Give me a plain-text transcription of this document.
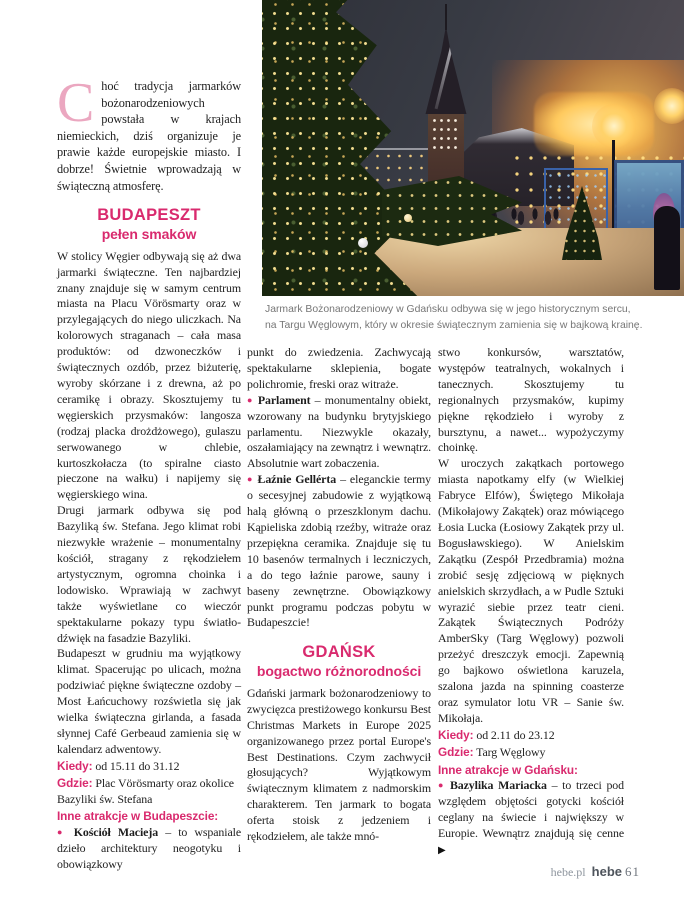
Jarmark Bożonarodzeniowy w Gdańsku odbywa się w jego historycznym sercu,
na Targu Węglowym, który w okresie świątecznym zamienia się w bajkową krainę.

Choć tradycja jarmarków bożonarodzeniowych powstała w krajach niemieckich, dziś organizuje je prawie każde europejskie miasto. I dobrze! Świetnie wprowadzają w świąteczną atmosferę.

BUDAPESZT
pełen smaków

W stolicy Węgier odbywają się aż dwa jarmarki świąteczne. Ten najbardziej znany znajduje się w samym centrum miasta na Placu Vörösmarty oraz w przylegających do niego uliczkach. Na kolorowych straganach – cała masa produktów: od dzwoneczków i świątecznych ozdób, przez biżuterię, wyroby skórzane i z drewna, aż po ceramikę i obrazy. Skosztujemy tu węgierskich przysmaków: langosza (rodzaj placka drożdżowego), gulaszu serwowanego w chlebie, kurtoszkołacza (to spiralne ciasto pieczone na wałku) i napijemy się węgierskiego wina.

Drugi jarmark odbywa się pod Bazyliką św. Stefana. Jego klimat robi niezwykłe wrażenie – monumentalny kościół, stragany z rękodziełem artystycznym, ogromna choinka i lodowisko. Wprawiają w zachwyt także wyświetlane co wieczór spektakularne pokazy typu światło-dźwięk na fasadzie Bazyliki.

Budapeszt w grudniu ma wyjątkowy klimat. Spacerując po ulicach, można podziwiać piękne świąteczne ozdoby – Most Łańcuchowy rozświetla się jak wielka świąteczna girlanda, a fasada słynnej Café Gerbeaud zamienia się w kalendarz adwentowy.

Kiedy: od 15.11 do 31.12

Gdzie: Plac Vörösmarty oraz okolice Bazyliki św. Stefana

Inne atrakcje w Budapeszcie:

● Kościół Macieja – to wspaniale dzieło architektury neogotyku i obowiązkowy

punkt do zwiedzenia. Zachwycają spektakularne sklepienia, bogate polichromie, freski oraz witraże.

● Parlament – monumentalny obiekt, wzorowany na budynku brytyjskiego parlamentu. Niezwykle okazały, oszałamiający na zewnątrz i wewnątrz. Absolutnie wart zobaczenia.

● Łaźnie Gellérta – eleganckie termy o secesyjnej zabudowie z wyjątkową halą główną o przeszklonym dachu. Kąpieliska zdobią rzeźby, witraże oraz przepiękna ceramika. Znajduje się tu 10 basenów termalnych i leczniczych, a do tego łaźnie parowe, sauny i baseny zewnętrzne. Obowiązkowy punkt programu podczas pobytu w Budapeszcie!

GDAŃSK
bogactwo różnorodności

Gdański jarmark bożonarodzeniowy to zwycięzca prestiżowego konkursu Best Christmas Markets in Europe 2025 organizowanego przez portal Europe's Best Destinations. Czym zachwycił głosujących? Wyjątkowym świątecznym klimatem z nadmorskim charakterem. Ten jarmark to bogata oferta stoisk z jedzeniem i rękodziełem, ale także mnó-

stwo konkursów, warsztatów, występów teatralnych, wokalnych i tanecznych. Skosztujemy tu regionalnych przysmaków, kupimy piękne rękodzieło i wyroby z bursztynu, a nawet... wypożyczymy choinkę.

W uroczych zakątkach portowego miasta napotkamy elfy (w Wielkiej Fabryce Elfów), Świętego Mikołaja (Mikołajowy Zakątek) oraz mówiącego Łosia Lucka (Łosiowy Zakątek przy ul. Bogusławskiego). W Anielskim Zakątku (Zespół Przedbramia) można zrobić sesję zdjęciową w pięknych anielskich skrzydłach, a w Pudle Sztuki wyrazić siebie przez teatr cieni. Zakątek Świątecznych Podróży AmberSky (Targ Węglowy) pozwoli przeżyć dreszczyk emocji. Zapewnią go bajkowo oświetlona karuzela, szalona jazda na spinning coasterze oraz symulator lotu VR – Sanie św. Mikołaja.

Kiedy: od 2.11 do 23.12

Gdzie: Targ Węglowy

Inne atrakcje w Gdańsku:

● Bazylika Mariacka – to trzeci pod względem objętości gotycki kościół ceglany na świecie i największy w Europie. Wewnątrz znajdują się cenne ▶

hebe.pl hebe 61
